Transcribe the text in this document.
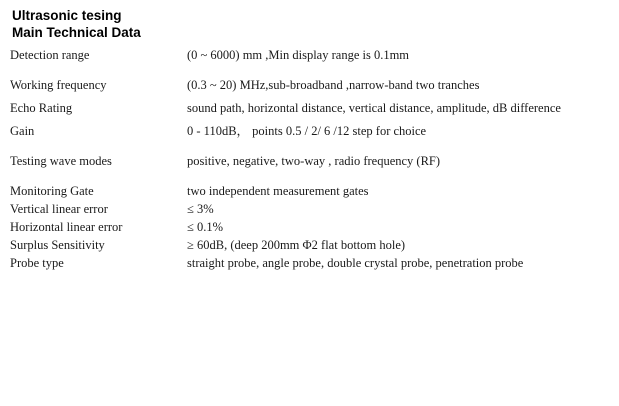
Ultrasonic tesing
Main Technical Data
Detection range	(0 ~ 6000) mm ,Min display range is 0.1mm
Working frequency	(0.3 ~ 20) MHz,sub-broadband ,narrow-band two tranches
Echo Rating	sound path, horizontal distance, vertical distance, amplitude, dB difference
Gain	0 - 110dB， points 0.5 / 2/ 6 /12 step for choice
Testing wave modes	positive, negative, two-way , radio frequency (RF)
Monitoring Gate	two independent measurement gates
Vertical linear error	≤ 3%
Horizontal linear error	≤ 0.1%
Surplus Sensitivity	≥ 60dB, (deep 200mm Φ2 flat bottom hole)
Probe type	straight probe, angle probe, double crystal probe, penetration probe
